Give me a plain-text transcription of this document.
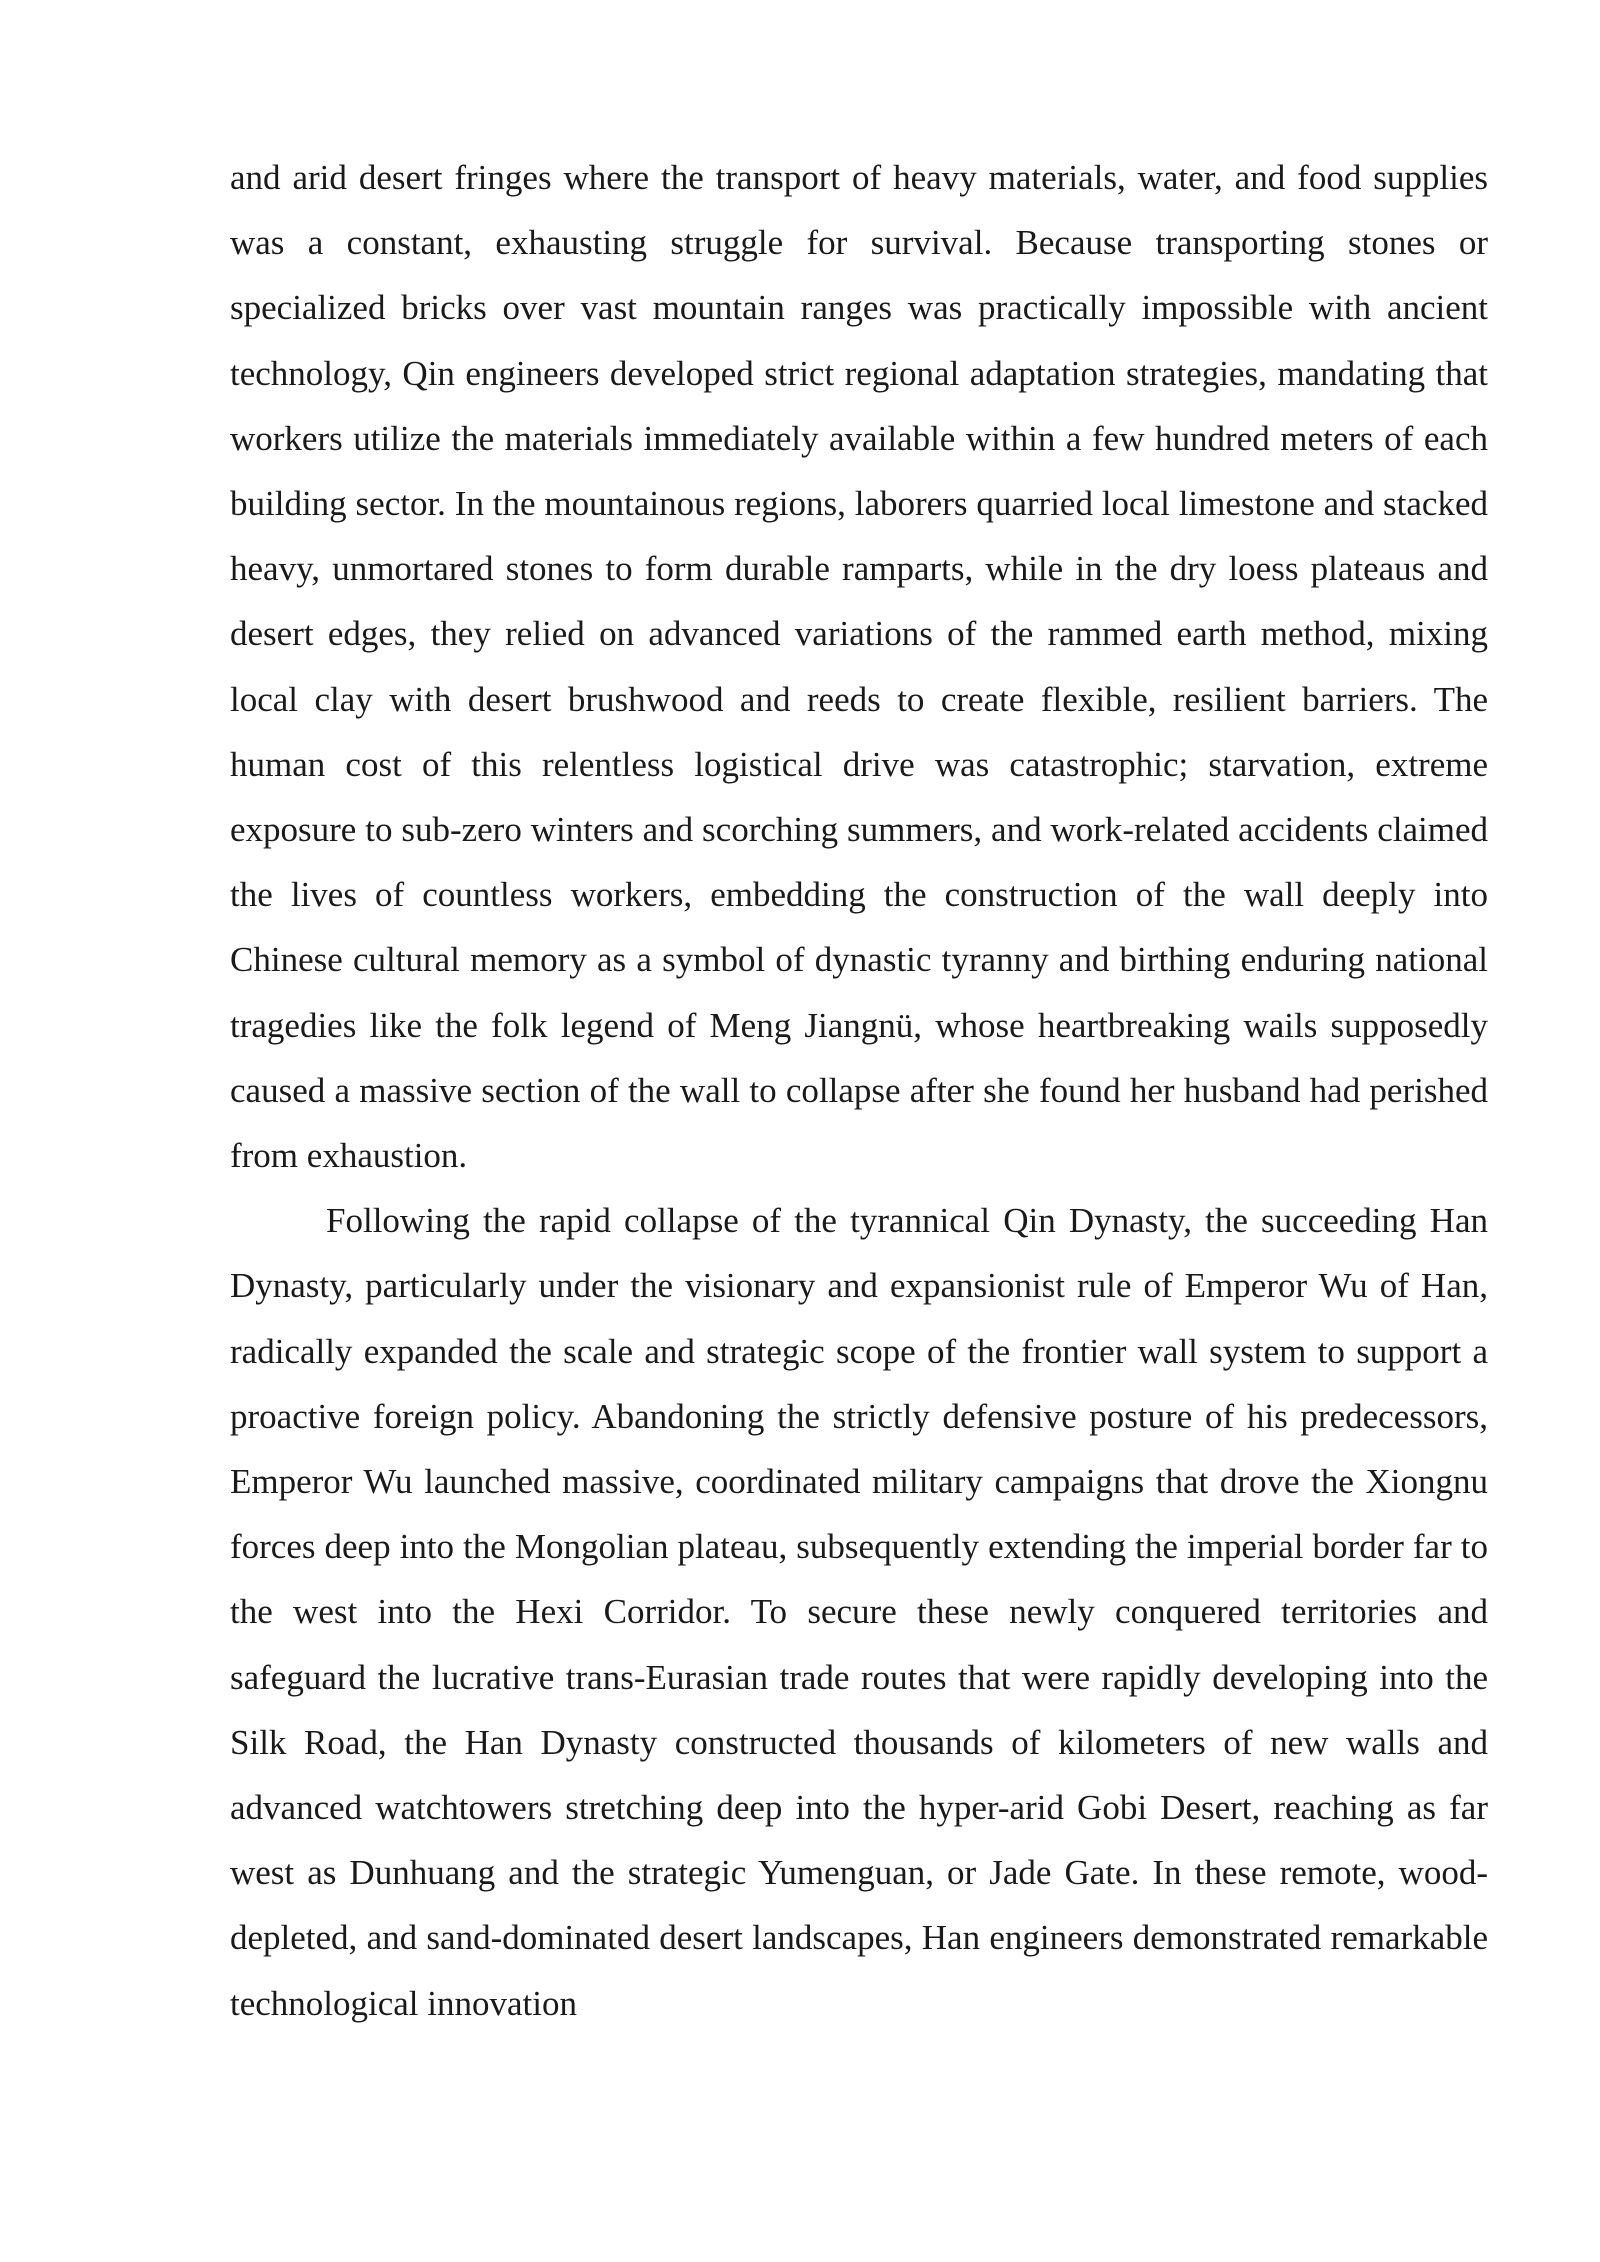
and arid desert fringes where the transport of heavy materials, water, and food supplies was a constant, exhausting struggle for survival. Because transporting stones or specialized bricks over vast mountain ranges was practically impossible with ancient technology, Qin engineers developed strict regional adaptation strategies, mandating that workers utilize the materials immediately available within a few hundred meters of each building sector. In the mountainous regions, laborers quarried local limestone and stacked heavy, unmortared stones to form durable ramparts, while in the dry loess plateaus and desert edges, they relied on advanced variations of the rammed earth method, mixing local clay with desert brushwood and reeds to create flexible, resilient barriers. The human cost of this relentless logistical drive was catastrophic; starvation, extreme exposure to sub-zero winters and scorching summers, and work-related accidents claimed the lives of countless workers, embedding the construction of the wall deeply into Chinese cultural memory as a symbol of dynastic tyranny and birthing enduring national tragedies like the folk legend of Meng Jiangnü, whose heartbreaking wails supposedly caused a massive section of the wall to collapse after she found her husband had perished from exhaustion.

Following the rapid collapse of the tyrannical Qin Dynasty, the succeeding Han Dynasty, particularly under the visionary and expansionist rule of Emperor Wu of Han, radically expanded the scale and strategic scope of the frontier wall system to support a proactive foreign policy. Abandoning the strictly defensive posture of his predecessors, Emperor Wu launched massive, coordinated military campaigns that drove the Xiongnu forces deep into the Mongolian plateau, subsequently extending the imperial border far to the west into the Hexi Corridor. To secure these newly conquered territories and safeguard the lucrative trans-Eurasian trade routes that were rapidly developing into the Silk Road, the Han Dynasty constructed thousands of kilometers of new walls and advanced watchtowers stretching deep into the hyper-arid Gobi Desert, reaching as far west as Dunhuang and the strategic Yumenguan, or Jade Gate. In these remote, wood-depleted, and sand-dominated desert landscapes, Han engineers demonstrated remarkable technological innovation
